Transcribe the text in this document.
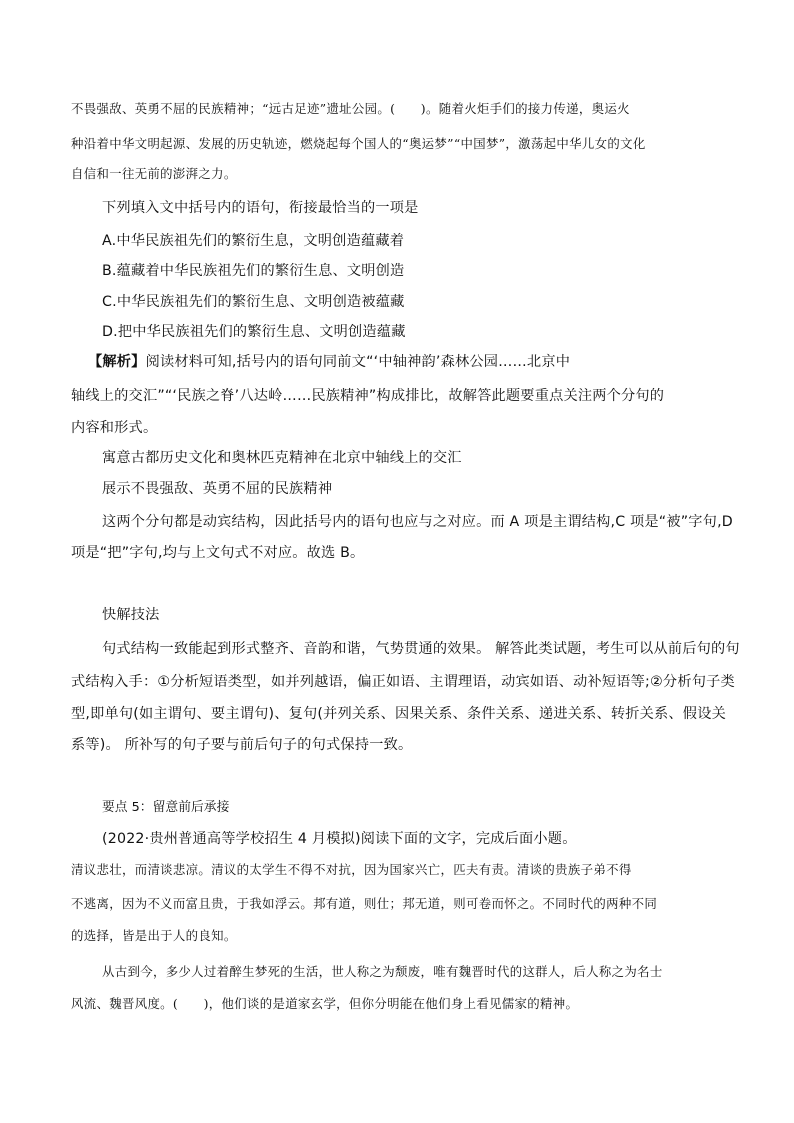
不畏强敌、英勇不屈的民族精神；“远古足迹”遗址公园。(　　)。随着火炬手们的接力传递，奥运火
种沿着中华文明起源、发展的历史轨迹，燃烧起每个国人的“奥运梦”“中国梦”，激荡起中华儿女的文化
自信和一往无前的澎湃之力。
下列填入文中括号内的语句，衔接最恰当的一项是
A.中华民族祖先们的繁衍生息，文明创造蕴藏着
B.蕴藏着中华民族祖先们的繁衍生息、文明创造
C.中华民族祖先们的繁衍生息、文明创造被蕴藏
D.把中华民族祖先们的繁衍生息、文明创造蕴藏
【解析】阅读材料可知,括号内的语句同前文“‘中轴神韵’森林公园……北京中
轴线上的交汇”“‘民族之脊’八达岭……民族精神”构成排比，故解答此题要重点关注两个分句的
内容和形式。
寓意古都历史文化和奥林匹克精神在北京中轴线上的交汇
展示不畏强敌、英勇不屈的民族精神
这两个分句都是动宾结构，因此括号内的语句也应与之对应。而 A 项是主谓结构,C 项是“被”字句,D
项是“把”字句,均与上文句式不对应。故选 B。
快解技法
句式结构一致能起到形式整齐、音韵和谐，气势贯通的效果。 解答此类试题，考生可以从前后句的句
式结构入手：①分析短语类型，如并列越语，偏正如语、主谓理语，动宾如语、动补短语等;②分析句子类
型,即单句(如主谓句、要主谓句)、复句(并列关系、因果关系、条件关系、递进关系、转折关系、假设关
系等)。 所补写的句子要与前后句子的句式保持一致。
要点 5：留意前后承接
(2022·贵州普通高等学校招生 4 月模拟)阅读下面的文字，完成后面小题。
清议悲壮，而清谈悲凉。清议的太学生不得不对抗，因为国家兴亡，匹夫有责。清谈的贵族子弟不得
不逃离，因为不义而富且贵，于我如浮云。邦有道，则仕；邦无道，则可卷而怀之。不同时代的两种不同
的选择，皆是出于人的良知。
从古到今，多少人过着醉生梦死的生活，世人称之为颓废，唯有魏晋时代的这群人，后人称之为名士
风流、魏晋风度。(　　)，他们谈的是道家玄学，但你分明能在他们身上看见儒家的精神。
